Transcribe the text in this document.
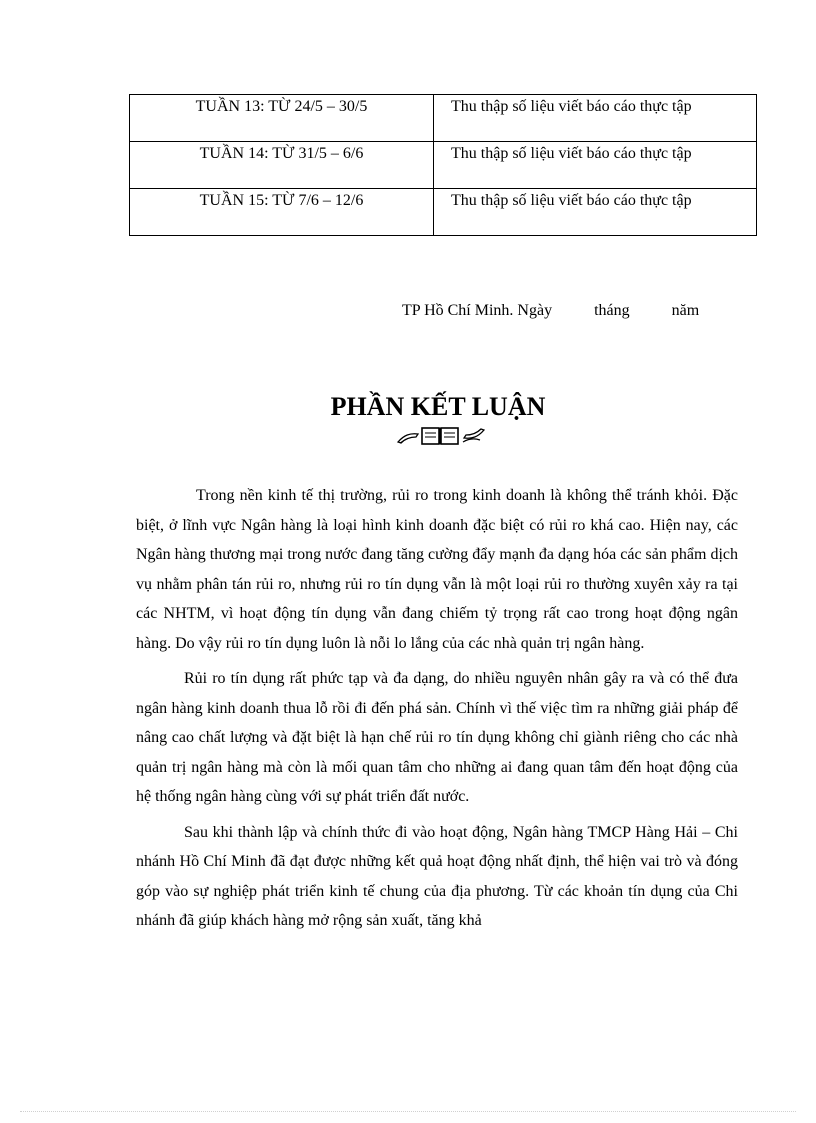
TUẦN 13: TỪ 24/5 – 30/5	Thu thập số liệu viết báo cáo thực tập
TUẦN 14: TỪ 31/5 – 6/6	Thu thập số liệu viết báo cáo thực tập
TUẦN 15: TỪ 7/6 – 12/6	Thu thập số liệu viết báo cáo thực tập
TP Hồ Chí Minh. Ngày	tháng	năm
PHẦN KẾT LUẬN

Trong nền kinh tế thị trường, rủi ro trong kinh doanh là không thể tránh khỏi. Đặc biệt, ở lĩnh vực Ngân hàng là loại hình kinh doanh đặc biệt có rủi ro khá cao. Hiện nay, các Ngân hàng thương mại trong nước đang tăng cường đẩy mạnh đa dạng hóa các sản phẩm dịch vụ nhằm phân tán rủi ro, nhưng rủi ro tín dụng vẫn là một loại rủi ro thường xuyên xảy ra tại các NHTM, vì hoạt động tín dụng vẫn đang chiếm tỷ trọng rất cao trong hoạt động ngân hàng. Do vậy rủi ro tín dụng luôn là nỗi lo lắng của các nhà quản trị ngân hàng.

Rủi ro tín dụng rất phức tạp và đa dạng, do nhiều nguyên nhân gây ra và có thể đưa ngân hàng kinh doanh thua lỗ rồi đi đến phá sản. Chính vì thế việc tìm ra những giải pháp để nâng cao chất lượng và đặt biệt là hạn chế rủi ro tín dụng không chỉ giành riêng cho các nhà quản trị ngân hàng mà còn là mối quan tâm cho những ai đang quan tâm đến hoạt động của hệ thống ngân hàng cùng với sự phát triển đất nước.

Sau khi thành lập và chính thức đi vào hoạt động, Ngân hàng TMCP Hàng Hải – Chi nhánh Hồ Chí Minh đã đạt được những kết quả hoạt động nhất định, thể hiện vai trò và đóng góp vào sự nghiệp phát triển kinh tế chung của địa phương. Từ các khoản tín dụng của Chi nhánh đã giúp khách hàng mở rộng sản xuất, tăng khả
